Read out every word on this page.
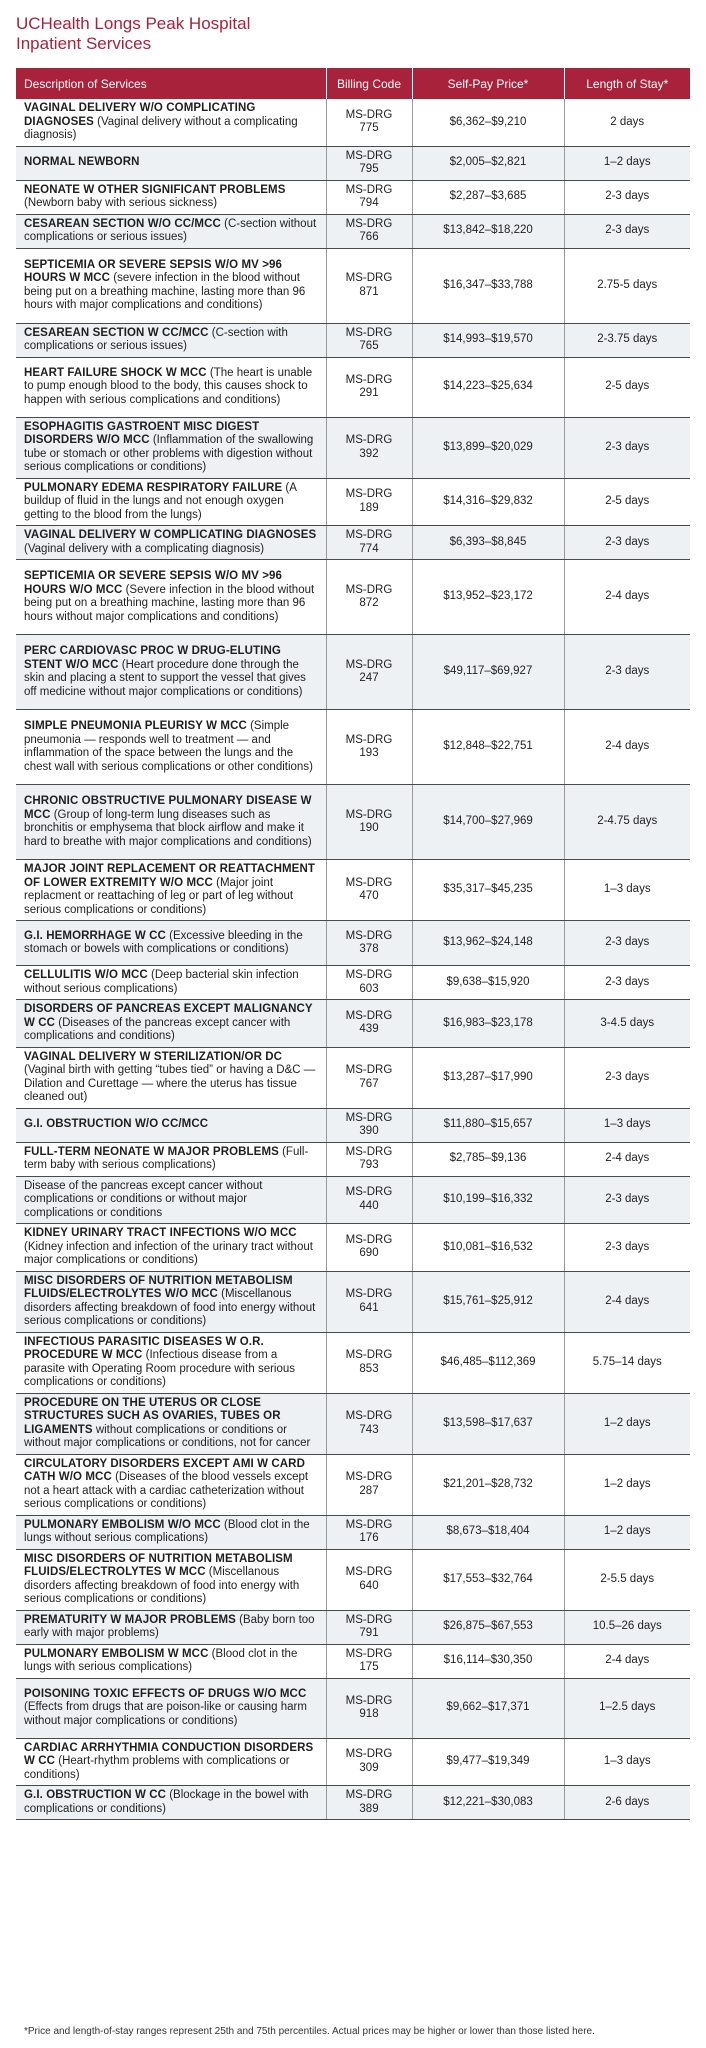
UCHealth Longs Peak Hospital
Inpatient Services
Description of Services	Billing Code	Self-Pay Price*	Length of Stay*
VAGINAL DELIVERY W/O COMPLICATING DIAGNOSES (Vaginal delivery without a complicating diagnosis)	MS-DRG 775	$6,362–$9,210	2 days
NORMAL NEWBORN	MS-DRG 795	$2,005–$2,821	1–2 days
NEONATE W OTHER SIGNIFICANT PROBLEMS (Newborn baby with serious sickness)	MS-DRG 794	$2,287–$3,685	2-3 days
CESAREAN SECTION W/O CC/MCC (C-section without complications or serious issues)	MS-DRG 766	$13,842–$18,220	2-3 days
SEPTICEMIA OR SEVERE SEPSIS W/O MV >96 HOURS W MCC (severe infection in the blood without being put on a breathing machine, lasting more than 96 hours with major complications and conditions)	MS-DRG 871	$16,347–$33,788	2.75-5 days
CESAREAN SECTION W CC/MCC (C-section with complications or serious issues)	MS-DRG 765	$14,993–$19,570	2-3.75 days
HEART FAILURE SHOCK W MCC (The heart is unable to pump enough blood to the body, this causes shock to happen with serious complications and conditions)	MS-DRG 291	$14,223–$25,634	2-5 days
ESOPHAGITIS GASTROENT MISC DIGEST DISORDERS W/O MCC (Inflammation of the swallowing tube or stomach or other problems with digestion without serious complications or conditions)	MS-DRG 392	$13,899–$20,029	2-3 days
PULMONARY EDEMA RESPIRATORY FAILURE (A buildup of fluid in the lungs and not enough oxygen getting to the blood from the lungs)	MS-DRG 189	$14,316–$29,832	2-5 days
VAGINAL DELIVERY W COMPLICATING DIAGNOSES (Vaginal delivery with a complicating diagnosis)	MS-DRG 774	$6,393–$8,845	2-3 days
SEPTICEMIA OR SEVERE SEPSIS W/O MV >96 HOURS W/O MCC (Severe infection in the blood without being put on a breathing machine, lasting more than 96 hours without major complications and conditions)	MS-DRG 872	$13,952–$23,172	2-4 days
PERC CARDIOVASC PROC W DRUG-ELUTING STENT W/O MCC (Heart procedure done through the skin and placing a stent to support the vessel that gives off medicine without major complications or conditions)	MS-DRG 247	$49,117–$69,927	2-3 days
SIMPLE PNEUMONIA PLEURISY W MCC (Simple pneumonia — responds well to treatment — and inflammation of the space between the lungs and the chest wall with serious complications or other conditions)	MS-DRG 193	$12,848–$22,751	2-4 days
CHRONIC OBSTRUCTIVE PULMONARY DISEASE W MCC (Group of long-term lung diseases such as bronchitis or emphysema that block airflow and make it hard to breathe with major complications and conditions)	MS-DRG 190	$14,700–$27,969	2-4.75 days
MAJOR JOINT REPLACEMENT OR REATTACHMENT OF LOWER EXTREMITY W/O MCC (Major joint replacment or reattaching of leg or part of leg without serious complications or conditions)	MS-DRG 470	$35,317–$45,235	1–3 days
G.I. HEMORRHAGE W CC (Excessive bleeding in the stomach or bowels with complications or conditions)	MS-DRG 378	$13,962–$24,148	2-3 days
CELLULITIS W/O MCC (Deep bacterial skin infection without serious complications)	MS-DRG 603	$9,638–$15,920	2-3 days
DISORDERS OF PANCREAS EXCEPT MALIGNANCY W CC (Diseases of the pancreas except cancer with complications and conditions)	MS-DRG 439	$16,983–$23,178	3-4.5 days
VAGINAL DELIVERY W STERILIZATION/OR DC (Vaginal birth with getting “tubes tied” or having a D&C — Dilation and Curettage — where the uterus has tissue cleaned out)	MS-DRG 767	$13,287–$17,990	2-3 days
G.I. OBSTRUCTION W/O CC/MCC	MS-DRG 390	$11,880–$15,657	1–3 days
FULL-TERM NEONATE W MAJOR PROBLEMS (Full-term baby with serious complications)	MS-DRG 793	$2,785–$9,136	2-4 days
Disease of the pancreas except cancer without complications or conditions or without major complications or conditions	MS-DRG 440	$10,199–$16,332	2-3 days
KIDNEY URINARY TRACT INFECTIONS W/O MCC (Kidney infection and infection of the urinary tract without major complications or conditions)	MS-DRG 690	$10,081–$16,532	2-3 days
MISC DISORDERS OF NUTRITION METABOLISM FLUIDS/ELECTROLYTES W/O MCC (Miscellanous disorders affecting breakdown of food into energy without serious complications or conditions)	MS-DRG 641	$15,761–$25,912	2-4 days
INFECTIOUS PARASITIC DISEASES W O.R. PROCEDURE W MCC (Infectious disease from a parasite with Operating Room procedure with serious complications or conditions)	MS-DRG 853	$46,485–$112,369	5.75–14 days
PROCEDURE ON THE UTERUS OR CLOSE STRUCTURES SUCH AS OVARIES, TUBES OR LIGAMENTS without complications or conditions or without major complications or conditions, not for cancer	MS-DRG 743	$13,598–$17,637	1–2 days
CIRCULATORY DISORDERS EXCEPT AMI W CARD CATH W/O MCC (Diseases of the blood vessels except not a heart attack with a cardiac catheterization without serious complications or conditions)	MS-DRG 287	$21,201–$28,732	1–2 days
PULMONARY EMBOLISM W/O MCC (Blood clot in the lungs without serious complications)	MS-DRG 176	$8,673–$18,404	1–2 days
MISC DISORDERS OF NUTRITION METABOLISM FLUIDS/ELECTROLYTES W MCC (Miscellanous disorders affecting breakdown of food into energy with serious complications or conditions)	MS-DRG 640	$17,553–$32,764	2-5.5 days
PREMATURITY W MAJOR PROBLEMS (Baby born too early with major problems)	MS-DRG 791	$26,875–$67,553	10.5–26 days
PULMONARY EMBOLISM W MCC (Blood clot in the lungs with serious complications)	MS-DRG 175	$16,114–$30,350	2-4 days
POISONING TOXIC EFFECTS OF DRUGS W/O MCC (Effects from drugs that are poison-like or causing harm without major complications or conditions)	MS-DRG 918	$9,662–$17,371	1–2.5 days
CARDIAC ARRHYTHMIA CONDUCTION DISORDERS W CC (Heart-rhythm problems with complications or conditions)	MS-DRG 309	$9,477–$19,349	1–3 days
G.I. OBSTRUCTION W CC (Blockage in the bowel with complications or conditions)	MS-DRG 389	$12,221–$30,083	2-6 days
*Price and length-of-stay ranges represent 25th and 75th percentiles. Actual prices may be higher or lower than those listed here.
